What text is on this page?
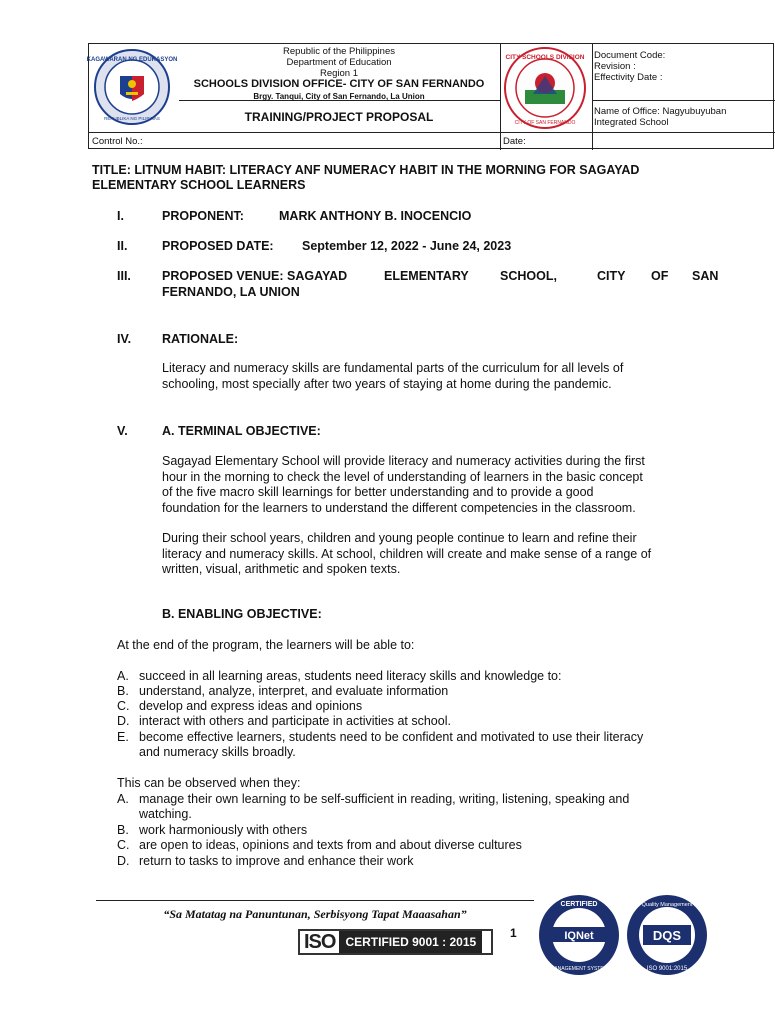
KAGAWARAN NG EDUKASYON
REPUBLIKA NG PILIPINAS
Republic of the Philippines
Department of Education
Region 1
SCHOOLS DIVISION OFFICE- CITY OF SAN FERNANDO
Brgy. Tanqui, City of San Fernando, La Union
TRAINING/PROJECT PROPOSAL
CITY SCHOOLS DIVISION
CITY OF SAN FERNANDO
Document Code:
Revision :
Effectivity Date :
Name of Office: Nagyubuyuban
Integrated School
Control No.:	Date:
TITLE: LITNUM HABIT: LITERACY ANF NUMERACY HABIT IN THE MORNING FOR SAGAYAD
ELEMENTARY SCHOOL LEARNERS
I.	PROPONENT:	MARK ANTHONY B. INOCENCIO
II.	PROPOSED DATE: September 12, 2022 - June 24, 2023
III. PROPOSED VENUE: SAGAYAD	ELEMENTARY	SCHOOL,	CITY OF SAN
FERNANDO, LA UNION
IV. RATIONALE:
Literacy and numeracy skills are fundamental parts of the curriculum for all levels of
schooling, most specially after two years of staying at home during the pandemic.
V.	A. TERMINAL OBJECTIVE:
Sagayad Elementary School will provide literacy and numeracy activities during the first
hour in the morning to check the level of understanding of learners in the basic concept
of the five macro skill learnings for better understanding and to provide a good
foundation for the learners to understand the different competencies in the classroom.
During their school years, children and young people continue to learn and refine their
literacy and numeracy skills. At school, children will create and make sense of a range of
written, visual, arithmetic and spoken texts.
B. ENABLING OBJECTIVE:
At the end of the program, the learners will be able to:
A. succeed in all learning areas, students need literacy skills and knowledge to:
B. understand, analyze, interpret, and evaluate information
C. develop and express ideas and opinions
D. interact with others and participate in activities at school.
E. become effective learners, students need to be confident and motivated to use their literacy
and numeracy skills broadly.
This can be observed when they:
A. manage their own learning to be self-sufficient in reading, writing, listening, speaking and
watching.
B. work harmoniously with others
C. are open to ideas, opinions and texts from and about diverse cultures
D. return to tasks to improve and enhance their work
“Sa Matatag na Panuntunan, Serbisyong Tapat Maaasahan”
ISO CERTIFIED 9001 : 2015
1	IQNet
CERTIFIED
MANAGEMENT SYSTEM
DQS
Quality Management
ISO 9001:2015
